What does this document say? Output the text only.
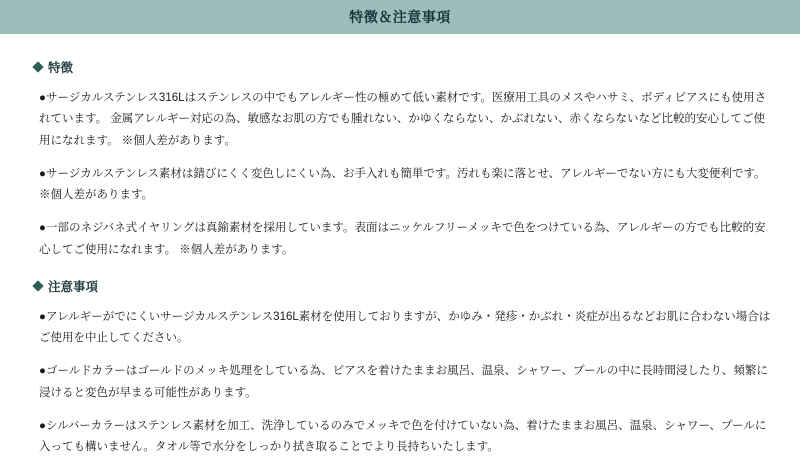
特徴＆注意事項
特徴

●サージカルステンレス316Lはステンレスの中でもアレルギー性の極めて低い素材です。医療用工具のメスやハサミ、ボディピアスにも使用されています。 金属アレルギー対応の為、敏感なお肌の方でも腫れない、かゆくならない、かぶれない、赤くならないなど比較的安心してご使用になれます。 ※個人差があります。

●サージカルステンレス素材は錆びにくく変色しにくい為、お手入れも簡単です。汚れも楽に落とせ、アレルギーでない方にも大変便利です。 ※個人差があります。

●一部のネジバネ式イヤリングは真鍮素材を採用しています。表面はニッケルフリーメッキで色をつけている為、アレルギーの方でも比較的安心してご使用になれます。 ※個人差があります。

注意事項

●アレルギーがでにくいサージカルステンレス316L素材を使用しておりますが、かゆみ・発疹・かぶれ・炎症が出るなどお肌に合わない場合はご使用を中止してください。

●ゴールドカラーはゴールドのメッキ処理をしている為、ピアスを着けたままお風呂、温泉、シャワー、プールの中に長時間浸したり、頻繁に浸けると変色が早まる可能性があります。

●シルバーカラーはステンレス素材を加工、洗浄しているのみでメッキで色を付けていない為、着けたままお風呂、温泉、シャワー、プールに入っても構いません。タオル等で水分をしっかり拭き取ることでより長持ちいたします。
